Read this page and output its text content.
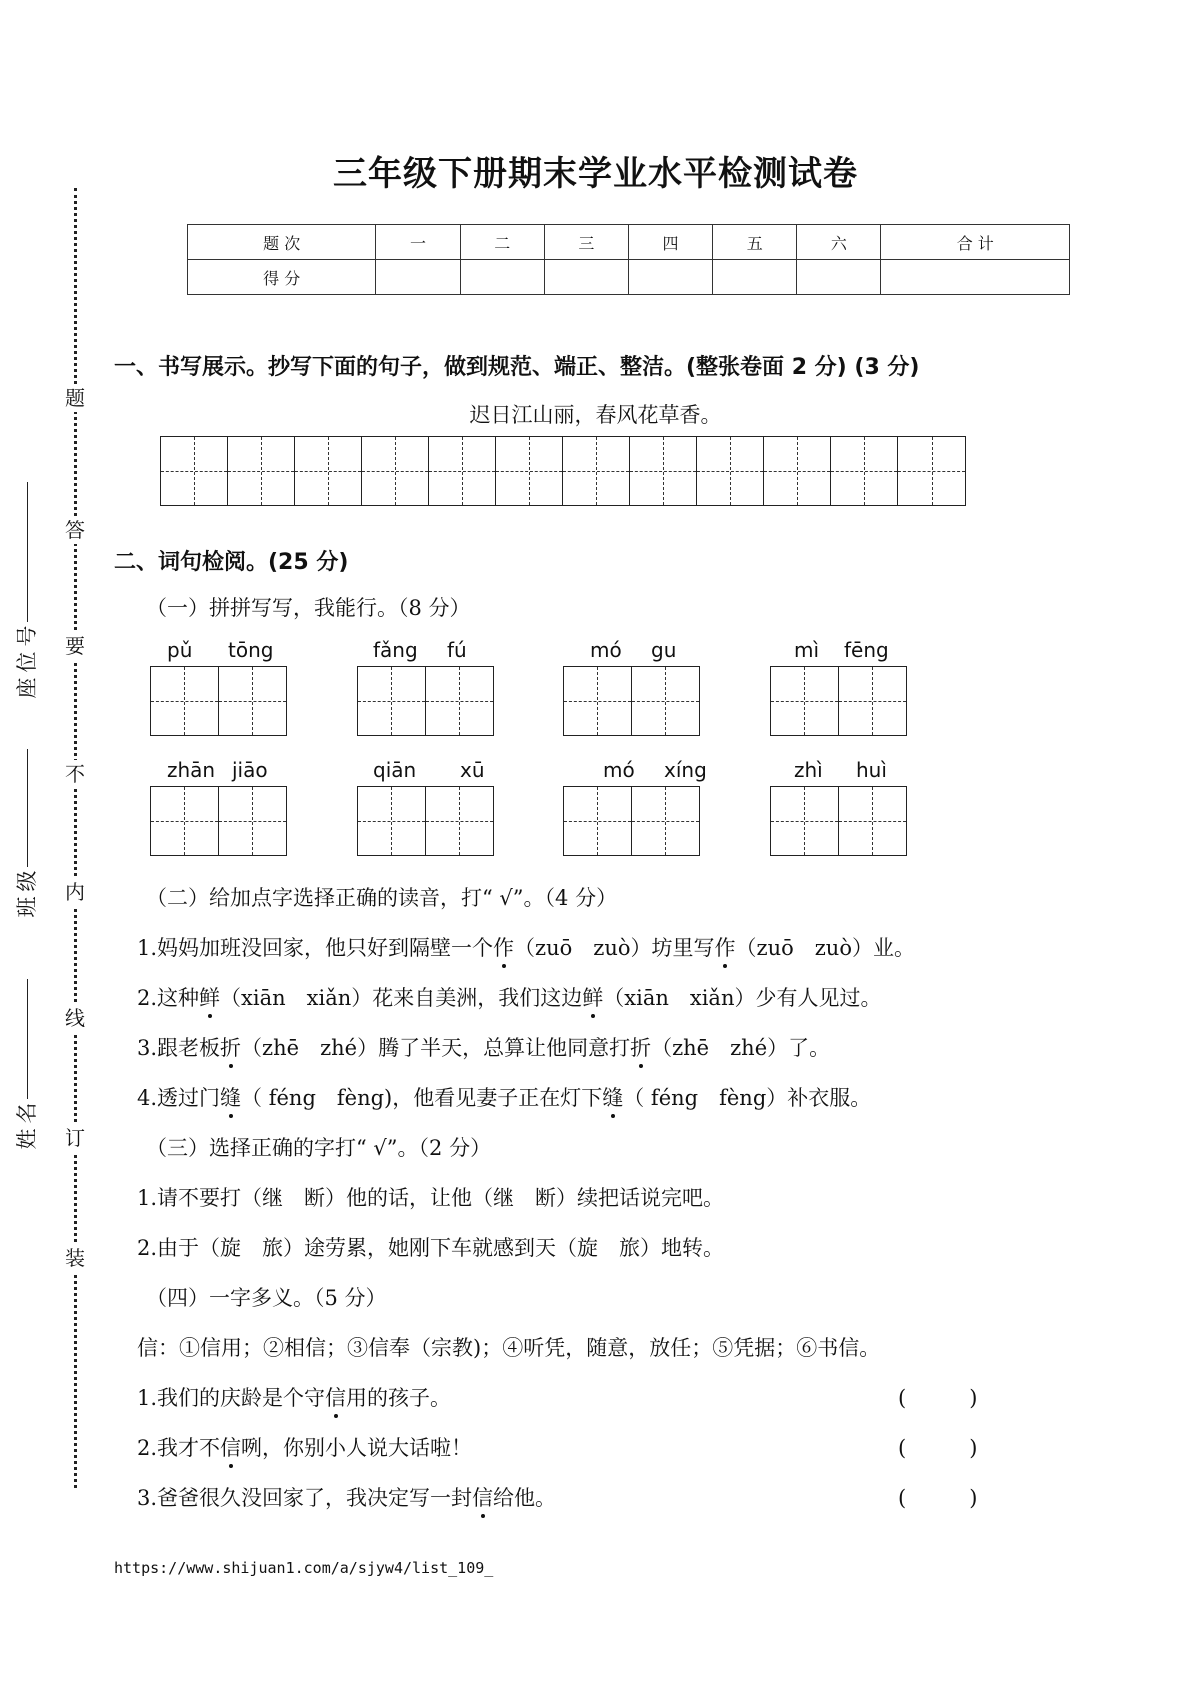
题
答
要
不
内
线
订
装
号
位
座
级
班
名
姓
三年级下册期末学业水平检测试卷
题 次	一	二	三	四	五	六	合 计
得 分							
一、书写展示。抄写下面的句子，做到规范、端正、整洁。(整张卷面 2 分) (3 分)
迟日江山丽，春风花草香。
二、词句检阅。(25 分)
（一）拼拼写写，我能行。（8 分）
pǔ tōng	fǎng fú	mó gu	mì fēng
zhān jiāo	qiān xū	mó xíng	zhì huì
（二）给加点字选择正确的读音，打“ √”。（4 分）
1.妈妈加班没回家，他只好到隔壁一个作（zuō　zuò）坊里写作（zuō　zuò）业。
2.这种鲜（xiān　xiǎn）花来自美洲，我们这边鲜（xiān　xiǎn）少有人见过。
3.跟老板折（zhē　zhé）腾了半天，总算让他同意打折（zhē　zhé）了。
4.透过门缝（ féng　fèng)，他看见妻子正在灯下缝（ féng　fèng）补衣服。
（三）选择正确的字打“ √”。（2 分）
1.请不要打（继　断）他的话，让他（继　断）续把话说完吧。
2.由于（旋　旅）途劳累，她刚下车就感到天（旋　旅）地转。
（四）一字多义。（5 分）
信：①信用；②相信；③信奉（宗教)；④听凭，随意，放任；⑤凭据；⑥书信。
1.我们的庆龄是个守信用的孩子。	(　　　)
2.我才不信咧，你别小人说大话啦！	(　　　)
3.爸爸很久没回家了，我决定写一封信给他。	(　　　)
https://www.shijuan1.com/a/sjyw4/list_109_
